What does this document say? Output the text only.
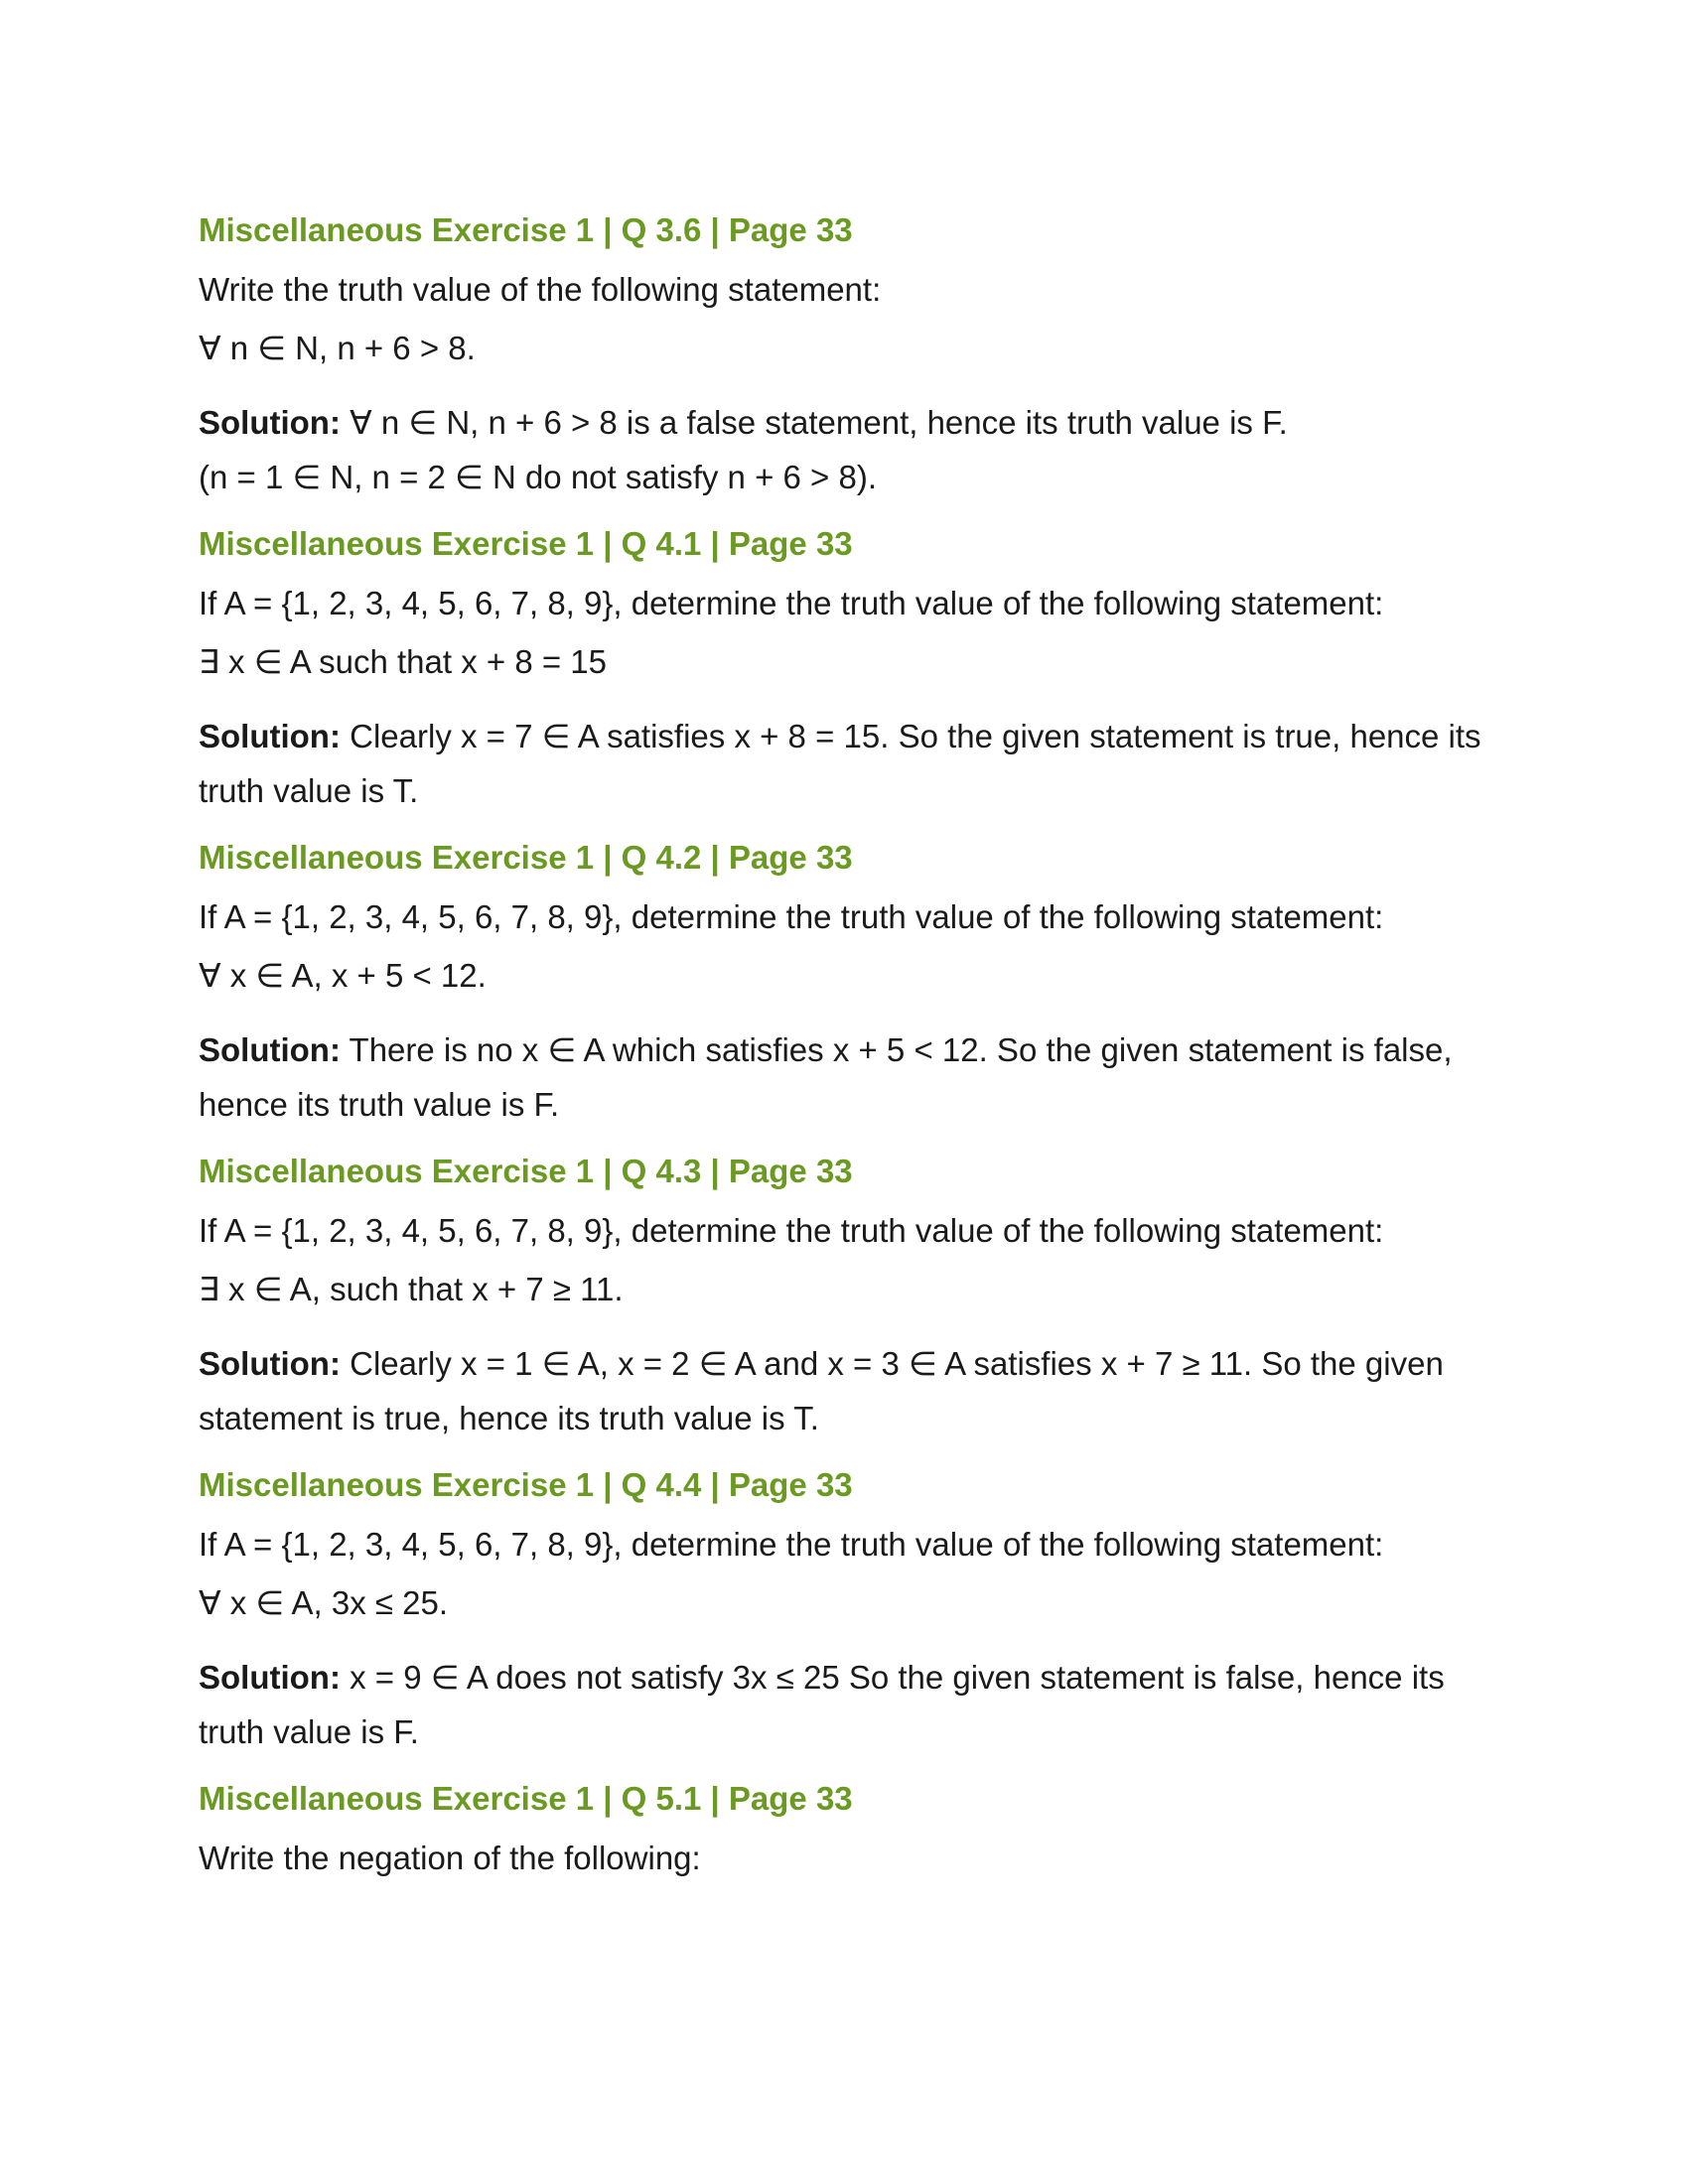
Miscellaneous Exercise 1 | Q 3.6 | Page 33
Write the truth value of the following statement:
∀ n ∈ N, n + 6 > 8.
Solution: ∀ n ∈ N, n + 6 > 8 is a false statement, hence its truth value is F.
(n = 1 ∈ N, n = 2 ∈ N do not satisfy n + 6 > 8).
Miscellaneous Exercise 1 | Q 4.1 | Page 33
If A = {1, 2, 3, 4, 5, 6, 7, 8, 9}, determine the truth value of the following statement:
∃ x ∈ A such that x + 8 = 15
Solution: Clearly x = 7 ∈ A satisfies x + 8 = 15. So the given statement is true, hence its
truth value is T.
Miscellaneous Exercise 1 | Q 4.2 | Page 33
If A = {1, 2, 3, 4, 5, 6, 7, 8, 9}, determine the truth value of the following statement:
∀ x ∈ A, x + 5 < 12.
Solution: There is no x ∈ A which satisfies x + 5 < 12. So the given statement is false,
hence its truth value is F.
Miscellaneous Exercise 1 | Q 4.3 | Page 33
If A = {1, 2, 3, 4, 5, 6, 7, 8, 9}, determine the truth value of the following statement:
∃ x ∈ A, such that x + 7 ≥ 11.
Solution: Clearly x = 1 ∈ A, x = 2 ∈ A and x = 3 ∈ A satisfies x + 7 ≥ 11. So the given
statement is true, hence its truth value is T.
Miscellaneous Exercise 1 | Q 4.4 | Page 33
If A = {1, 2, 3, 4, 5, 6, 7, 8, 9}, determine the truth value of the following statement:
∀ x ∈ A, 3x ≤ 25.
Solution: x = 9 ∈ A does not satisfy 3x ≤ 25 So the given statement is false, hence its
truth value is F.
Miscellaneous Exercise 1 | Q 5.1 | Page 33
Write the negation of the following:
